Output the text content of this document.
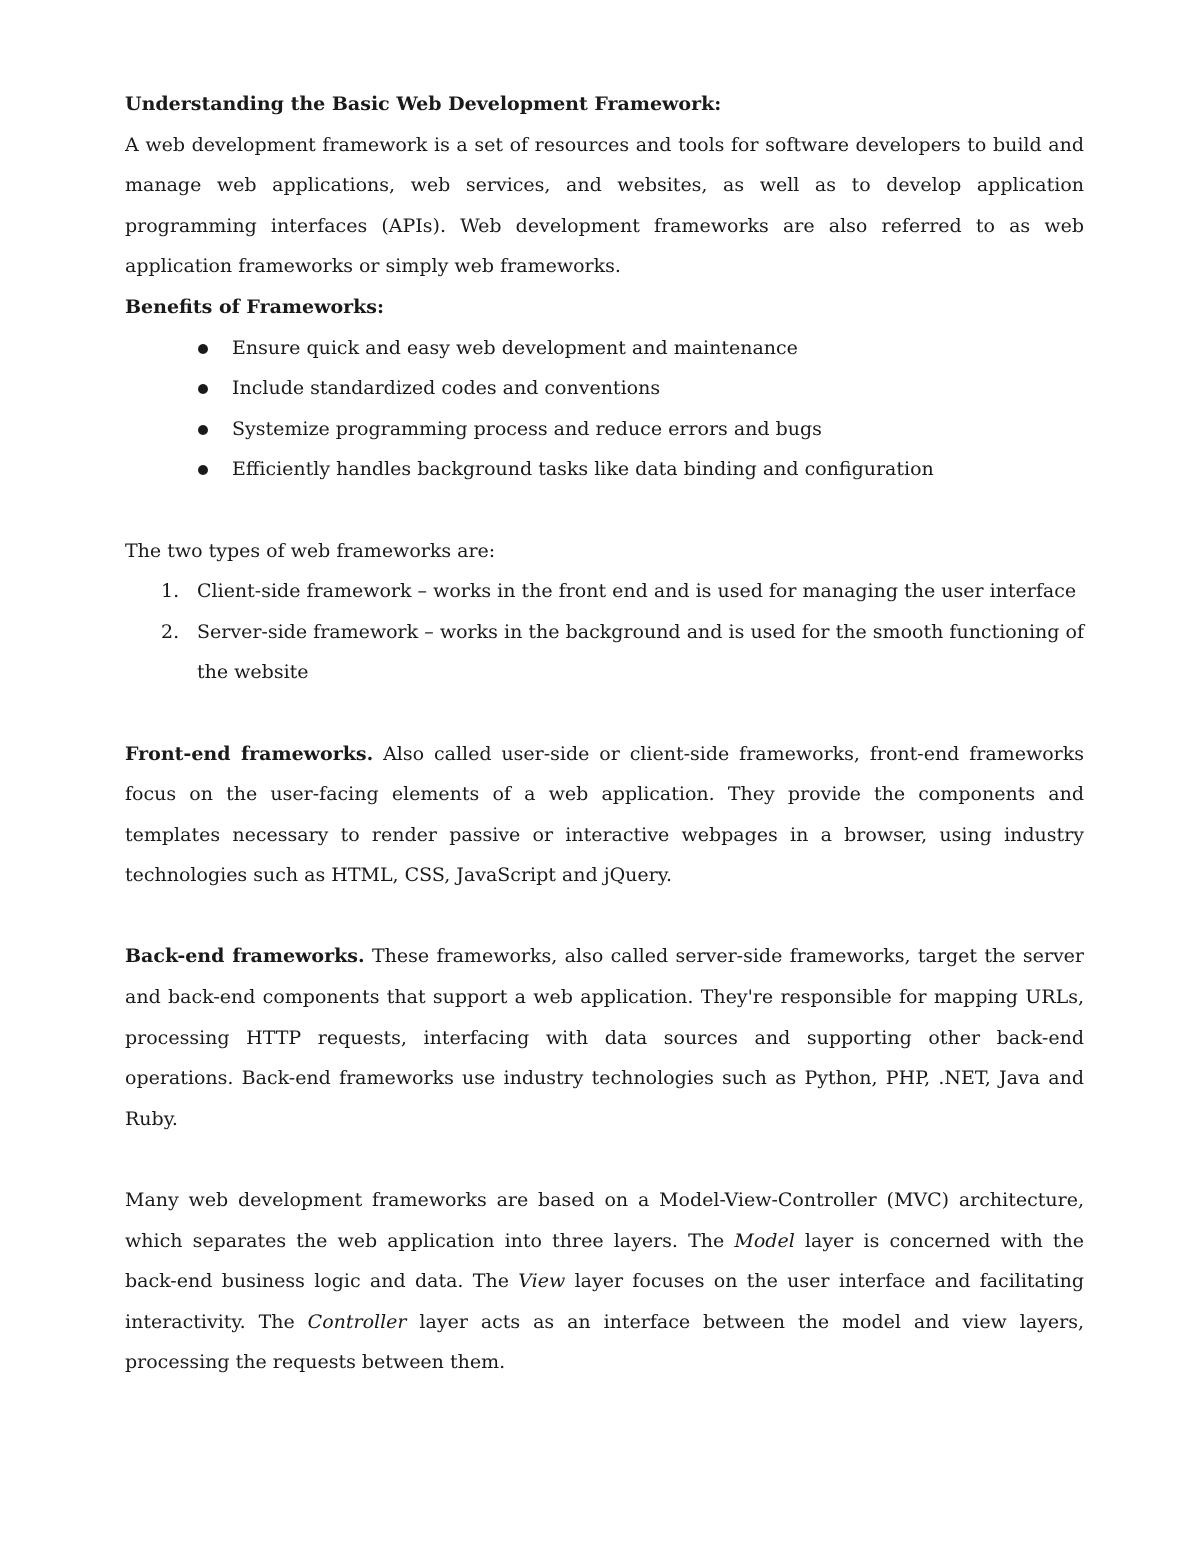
Understanding the Basic Web Development Framework:

A web development framework is a set of resources and tools for software developers to build and manage web applications, web services, and websites, as well as to develop application programming interfaces (APIs). Web development frameworks are also referred to as web application frameworks or simply web frameworks.

Benefits of Frameworks:

Ensure quick and easy web development and maintenance
Include standardized codes and conventions
Systemize programming process and reduce errors and bugs
Efficiently handles background tasks like data binding and configuration

The two types of web frameworks are:

1. Client-side framework – works in the front end and is used for managing the user interface
2. Server-side framework – works in the background and is used for the smooth functioning of the website

Front-end frameworks. Also called user-side or client-side frameworks, front-end frameworks focus on the user-facing elements of a web application. They provide the components and templates necessary to render passive or interactive webpages in a browser, using industry technologies such as HTML, CSS, JavaScript and jQuery.

Back-end frameworks. These frameworks, also called server-side frameworks, target the server and back-end components that support a web application. They're responsible for mapping URLs, processing HTTP requests, interfacing with data sources and supporting other back-end operations. Back-end frameworks use industry technologies such as Python, PHP, .NET, Java and Ruby.

Many web development frameworks are based on a Model-View-Controller (MVC) architecture, which separates the web application into three layers. The Model layer is concerned with the back-end business logic and data. The View layer focuses on the user interface and facilitating interactivity. The Controller layer acts as an interface between the model and view layers, processing the requests between them.
